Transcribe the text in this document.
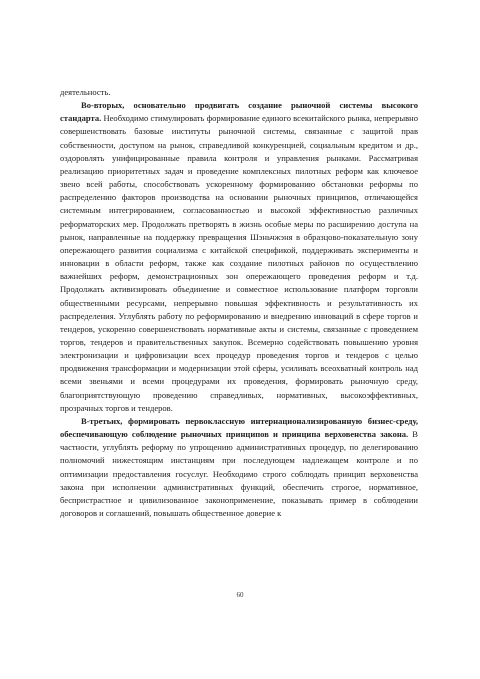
деятельность.

Во-вторых, основательно продвигать создание рыночной системы высокого стандарта. Необходимо стимулировать формирование единого всекитайского рынка, непрерывно совершенствовать базовые институты рыночной системы, связанные с защитой прав собственности, доступом на рынок, справедливой конкуренцией, социальным кредитом и др., оздоровлять унифицированные правила контроля и управления рынками. Рассматривая реализацию приоритетных задач и проведение комплексных пилотных реформ как ключевое звено всей работы, способствовать ускоренному формированию обстановки реформы по распределению факторов производства на основании рыночных принципов, отличающейся системным интегрированием, согласованностью и высокой эффективностью различных реформаторских мер. Продолжать претворять в жизнь особые меры по расширению доступа на рынок, направленные на поддержку превращения Шэньчжэня в образцово-показательную зону опережающего развития социализма с китайской спецификой, поддерживать эксперименты и инновации в области реформ, также как создание пилотных районов по осуществлению важнейших реформ, демонстрационных зон опережающего проведения реформ и т.д. Продолжать активизировать объединение и совместное использование платформ торговли общественными ресурсами, непрерывно повышая эффективность и результативность их распределения. Углублять работу по реформированию и внедрению инноваций в сфере торгов и тендеров, ускоренно совершенствовать нормативные акты и системы, связанные с проведением торгов, тендеров и правительственных закупок. Всемерно содействовать повышению уровня электронизации и цифровизации всех процедур проведения торгов и тендеров с целью продвижения трансформации и модернизации этой сферы, усиливать всеохватный контроль над всеми звеньями и всеми процедурами их проведения, формировать рыночную среду, благоприятствующую проведению справедливых, нормативных, высокоэффективных, прозрачных торгов и тендеров.

В-третьих, формировать первоклассную интернационализированную бизнес-среду, обеспечивающую соблюдение рыночных принципов и принципа верховенства закона. В частности, углублять реформу по упрощению административных процедур, по делегированию полномочий нижестоящим инстанциям при последующем надлежащем контроле и по оптимизации предоставления госуслуг. Необходимо строго соблюдать принцип верховенства закона при исполнении административных функций, обеспечить строгое, нормативное, беспристрастное и цивилизованное законоприменение, показывать пример в соблюдении договоров и соглашений, повышать общественное доверие к

60
